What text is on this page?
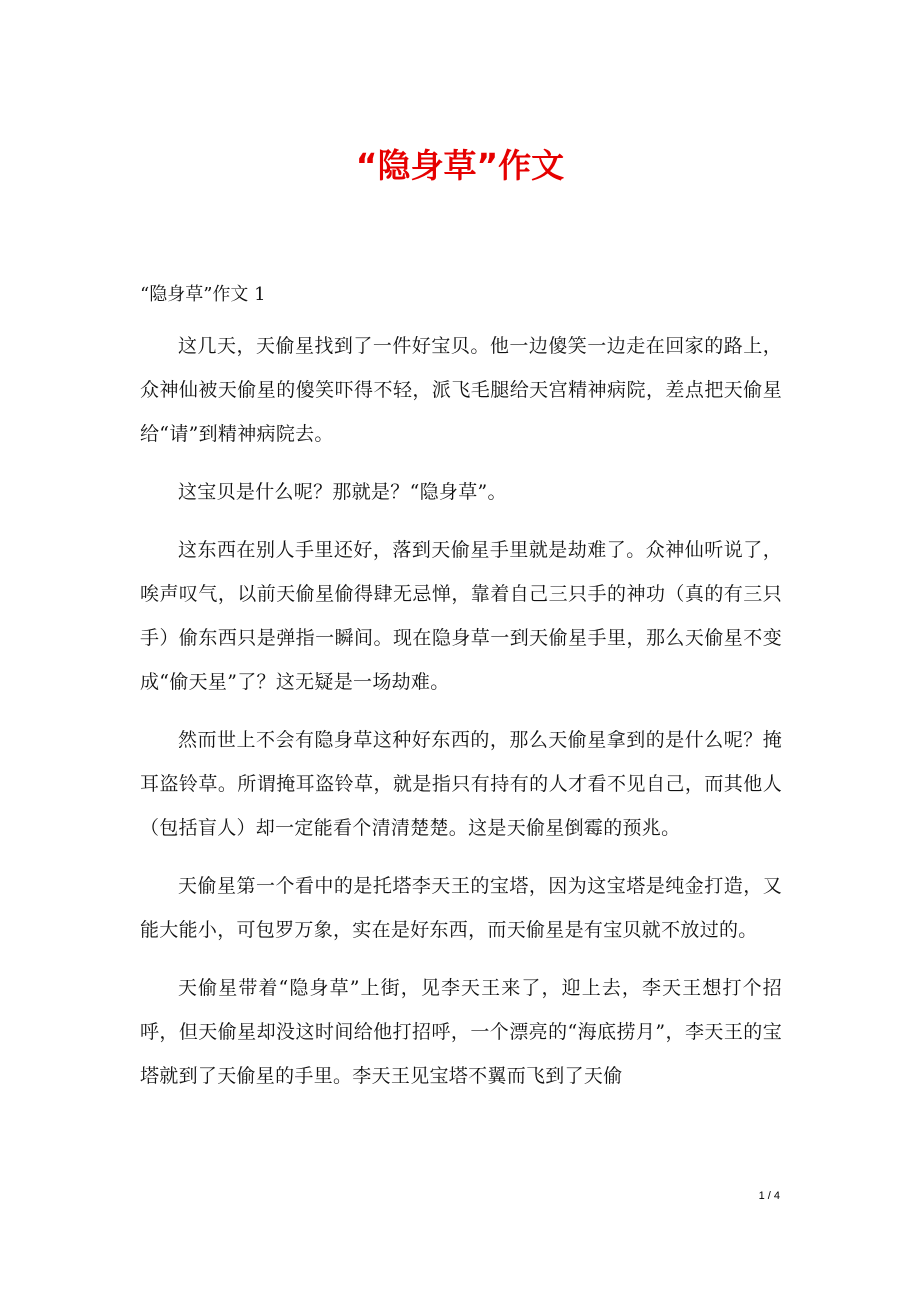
“隐身草”作文

“隐身草”作文 1

这几天，天偷星找到了一件好宝贝。他一边傻笑一边走在回家的路上，众神仙被天偷星的傻笑吓得不轻，派飞毛腿给天宫精神病院，差点把天偷星给“请”到精神病院去。

这宝贝是什么呢？那就是？“隐身草”。

这东西在别人手里还好，落到天偷星手里就是劫难了。众神仙听说了，唉声叹气，以前天偷星偷得肆无忌惮，靠着自己三只手的神功（真的有三只手）偷东西只是弹指一瞬间。现在隐身草一到天偷星手里，那么天偷星不变成“偷天星”了？这无疑是一场劫难。

然而世上不会有隐身草这种好东西的，那么天偷星拿到的是什么呢？掩耳盗铃草。所谓掩耳盗铃草，就是指只有持有的人才看不见自己，而其他人（包括盲人）却一定能看个清清楚楚。这是天偷星倒霉的预兆。

天偷星第一个看中的是托塔李天王的宝塔，因为这宝塔是纯金打造，又能大能小，可包罗万象，实在是好东西，而天偷星是有宝贝就不放过的。

天偷星带着“隐身草”上街，见李天王来了，迎上去，李天王想打个招呼，但天偷星却没这时间给他打招呼，一个漂亮的“海底捞月”，李天王的宝塔就到了天偷星的手里。李天王见宝塔不翼而飞到了天偷

1 / 4
